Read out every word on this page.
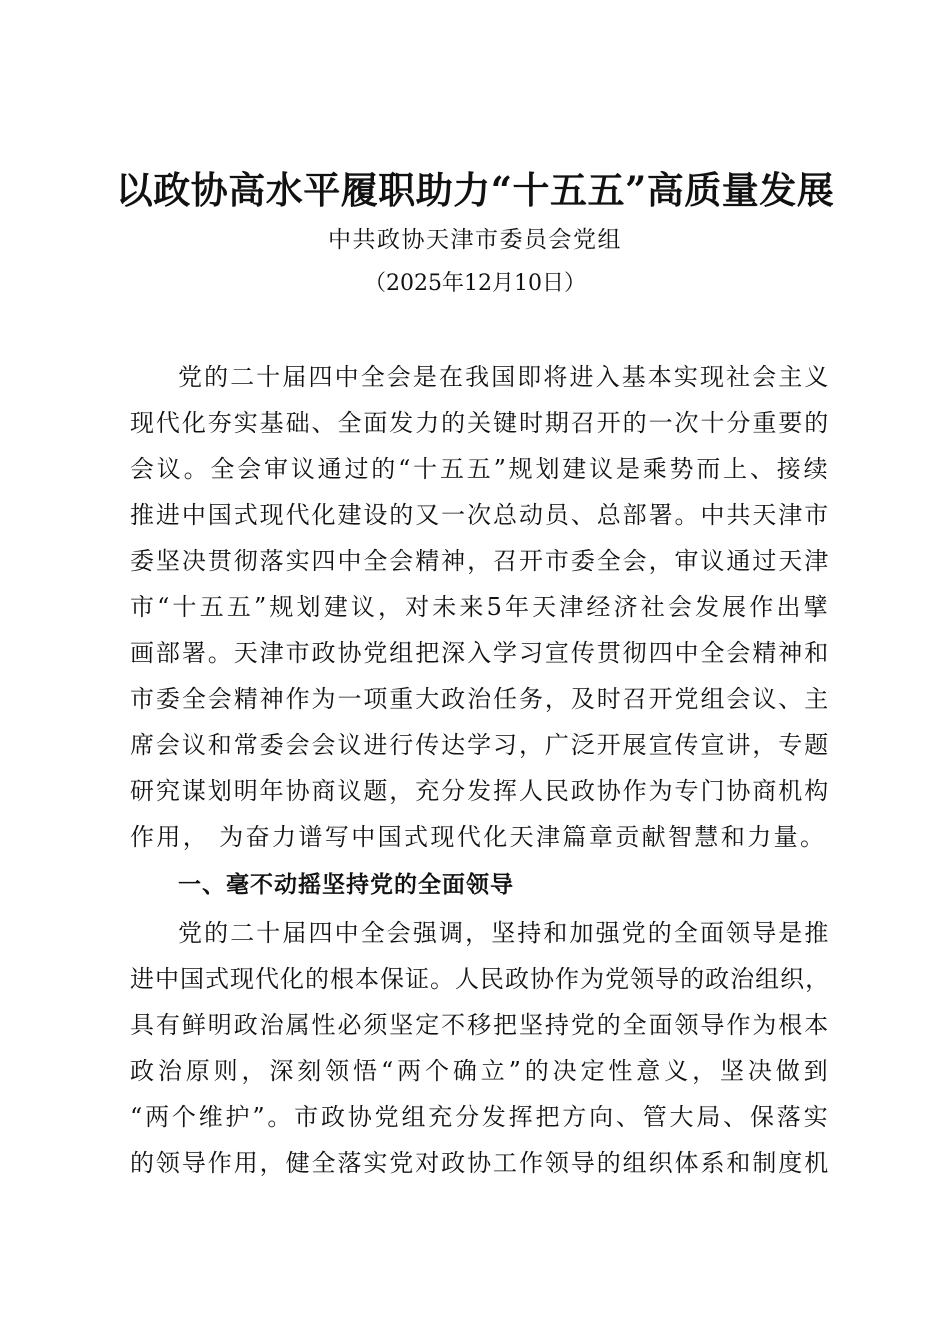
以政协高水平履职助力“十五五”高质量发展
中共政协天津市委员会党组
（2025年12月10日）
党的二十届四中全会是在我国即将进入基本实现社会主义
现代化夯实基础、全面发力的关键时期召开的一次十分重要的
会议。全会审议通过的“十五五”规划建议是乘势而上、接续
推进中国式现代化建设的又一次总动员、总部署。中共天津市
委坚决贯彻落实四中全会精神，召开市委全会，审议通过天津
市“十五五”规划建议，对未来5年天津经济社会发展作出擘
画部署。天津市政协党组把深入学习宣传贯彻四中全会精神和
市委全会精神作为一项重大政治任务，及时召开党组会议、主
席会议和常委会会议进行传达学习，广泛开展宣传宣讲，专题
研究谋划明年协商议题，充分发挥人民政协作为专门协商机构
作用， 为奋力谱写中国式现代化天津篇章贡献智慧和力量。
一、毫不动摇坚持党的全面领导
党的二十届四中全会强调，坚持和加强党的全面领导是推
进中国式现代化的根本保证。人民政协作为党领导的政治组织，
具有鲜明政治属性必须坚定不移把坚持党的全面领导作为根本
政治原则，深刻领悟“两个确立”的决定性意义，坚决做到
“两个维护”。市政协党组充分发挥把方向、管大局、保落实
的领导作用，健全落实党对政协工作领导的组织体系和制度机
